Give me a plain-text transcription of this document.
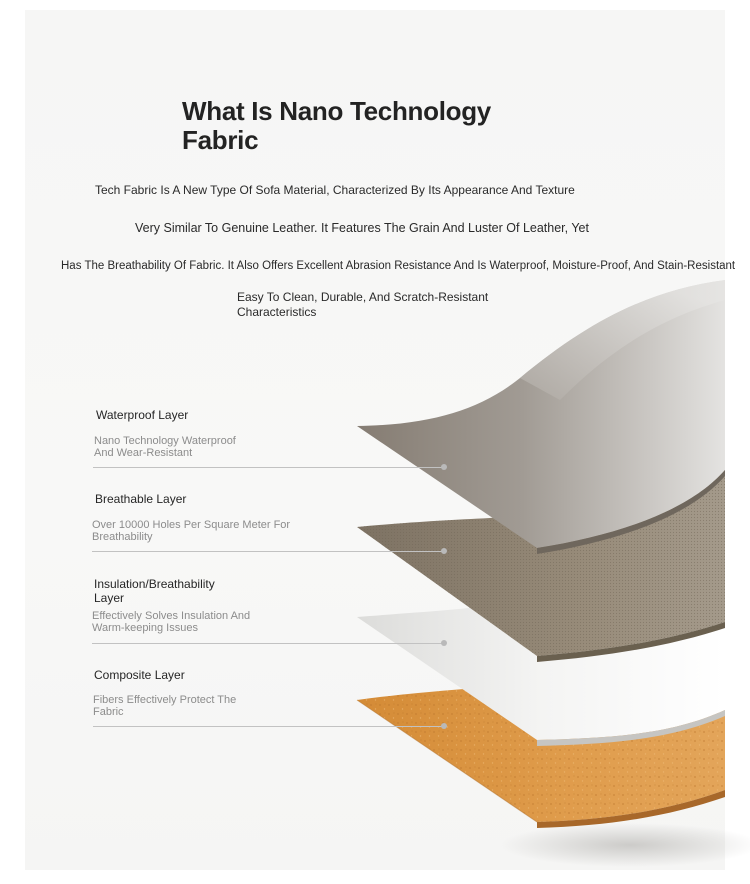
What Is Nano Technology
Fabric

Tech Fabric Is A New Type Of Sofa Material, Characterized By Its Appearance And Texture

Very Similar To Genuine Leather. It Features The Grain And Luster Of Leather, Yet

Has The Breathability Of Fabric. It Also Offers Excellent Abrasion Resistance And Is Waterproof, Moisture-Proof, And Stain-Resistant

Easy To Clean, Durable, And Scratch-Resistant
Characteristics

Waterproof Layer

Nano Technology Waterproof
And Wear-Resistant

Breathable Layer

Over 10000 Holes Per Square Meter For
Breathability

Insulation/Breathability
Layer

Effectively Solves Insulation And
Warm-keeping Issues

Composite Layer

Fibers Effectively Protect The
Fabric
